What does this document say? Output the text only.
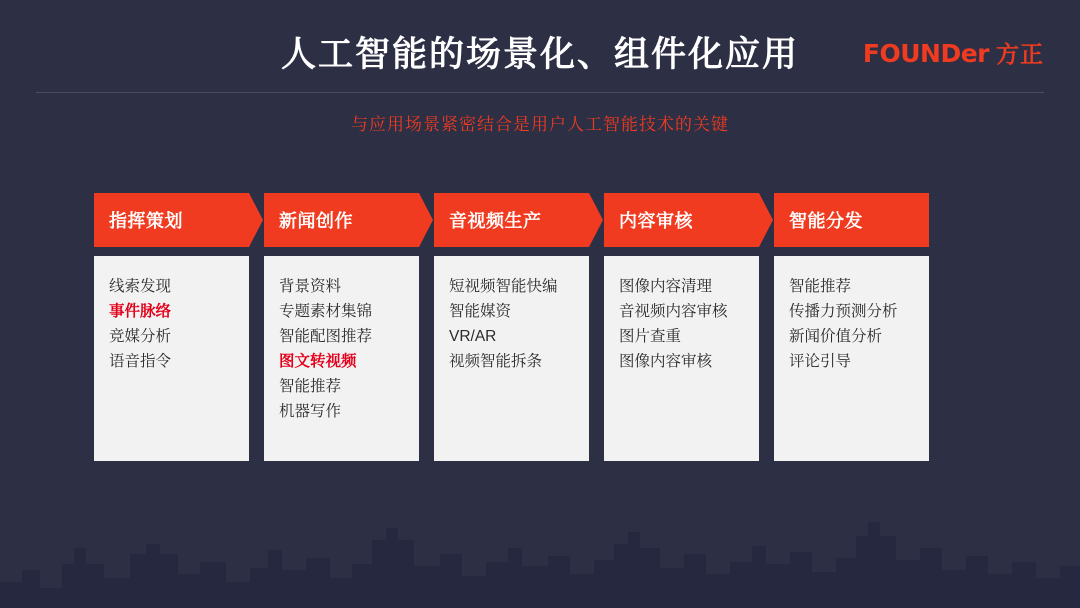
人工智能的场景化、组件化应用	FOUNDer 方正
与应用场景紧密结合是用户人工智能技术的关键
指挥策划
线索发现
事件脉络
竞媒分析
语音指令
新闻创作
背景资料
专题素材集锦
智能配图推荐
图文转视频
智能推荐
机器写作
音视频生产
短视频智能快编
智能媒资
VR/AR
视频智能拆条
内容审核
图像内容清理
音视频内容审核
图片查重
图像内容审核
智能分发
智能推荐
传播力预测分析
新闻价值分析
评论引导
